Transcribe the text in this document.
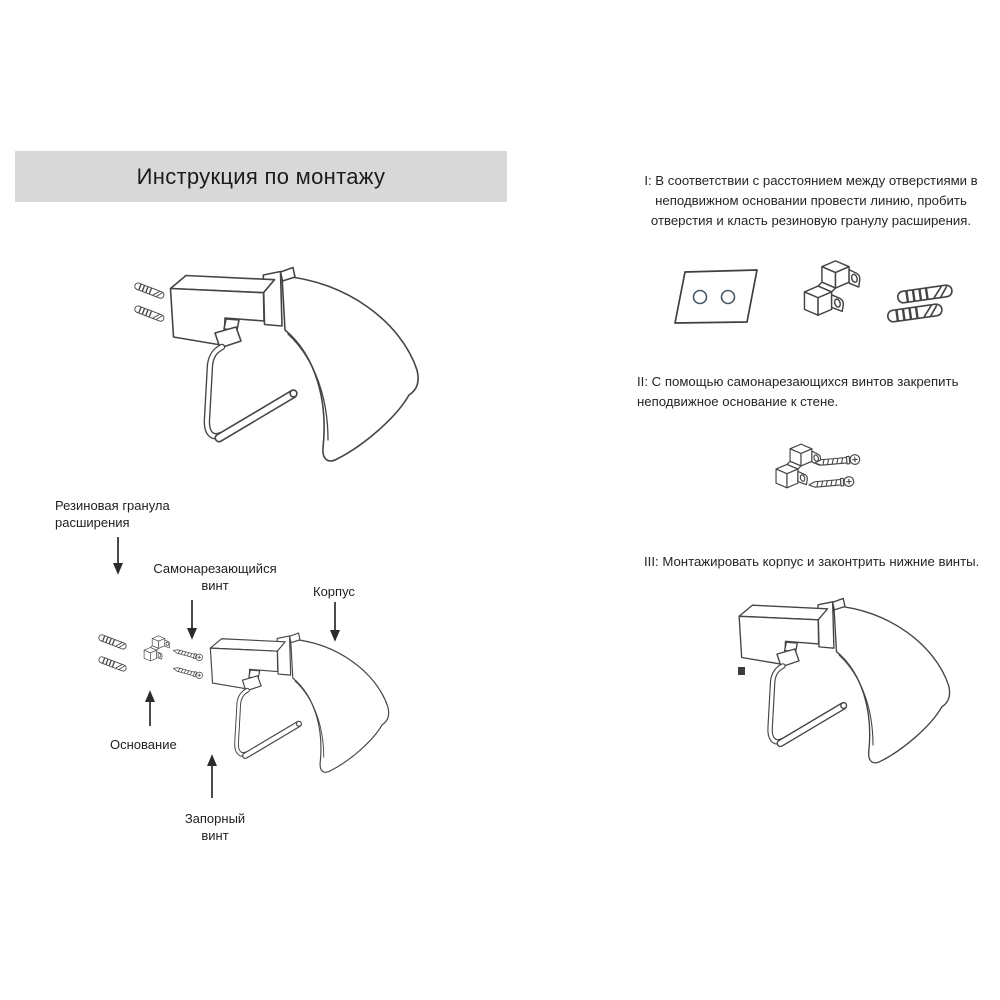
Инструкция по монтажу
Резиновая гранула
расширения
Самонарезающийся
винт	Корпус
Основание
Запорный
винт
I: В соответствии с расстоянием между отверстиями в
неподвижном основании провести линию, пробить
отверстия и класть резиновую гранулу расширения.
II: С помощью самонарезающихся винтов закрепить
неподвижное основание к стене.
III: Монтажировать корпус и законтрить нижние винты.
